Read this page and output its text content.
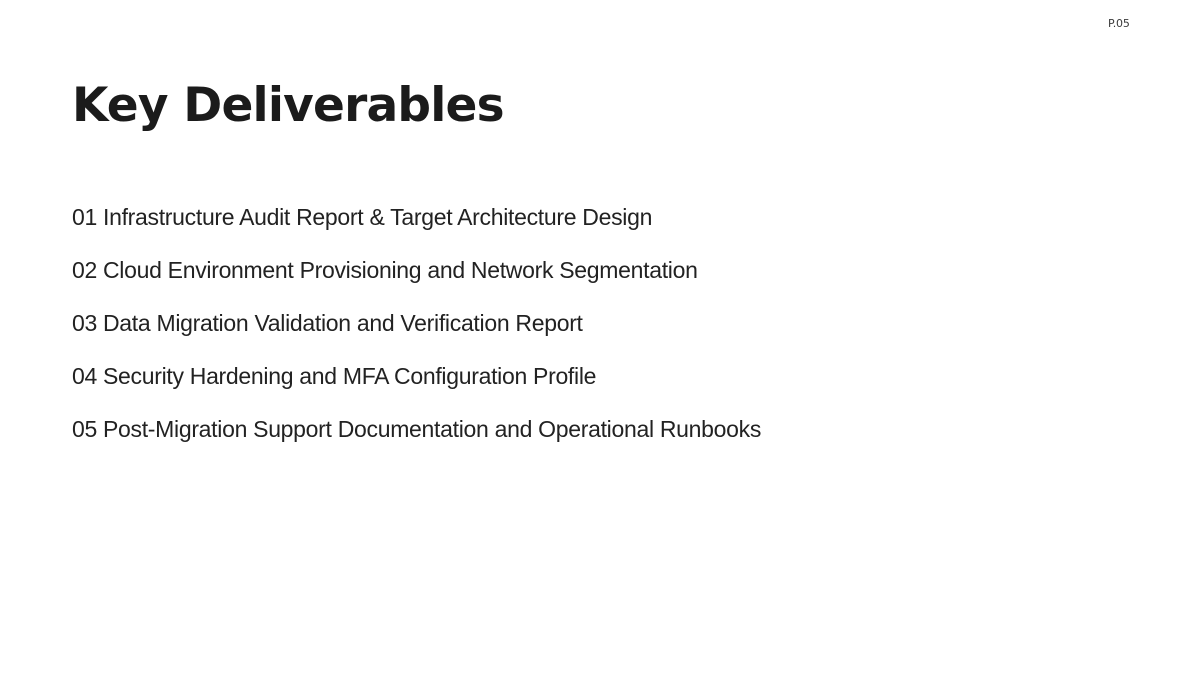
P.05
Key Deliverables
01 Infrastructure Audit Report & Target Architecture Design
02 Cloud Environment Provisioning and Network Segmentation
03 Data Migration Validation and Verification Report
04 Security Hardening and MFA Configuration Profile
05 Post-Migration Support Documentation and Operational Runbooks
